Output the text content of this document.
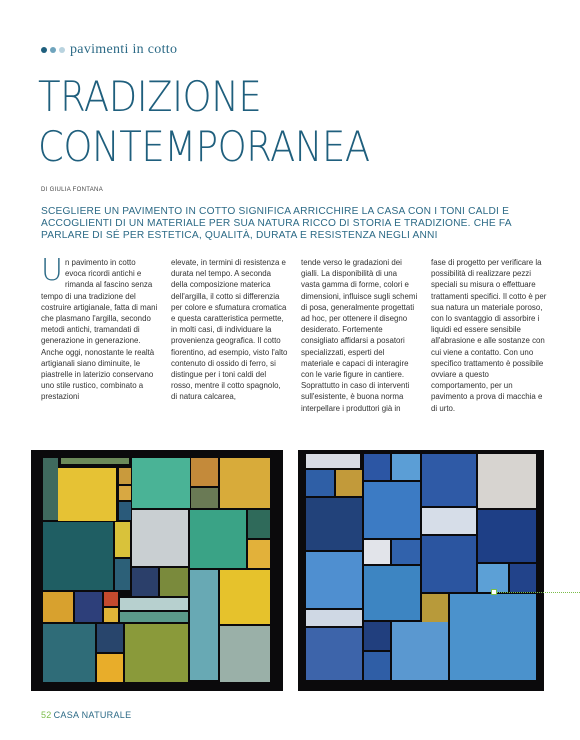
pavimenti in cotto
TRADIZIONE
CONTEMPORANEA
DI GIULIA FONTANA
SCEGLIERE UN PAVIMENTO IN COTTO SIGNIFICA ARRICCHIRE LA CASA CON I TONI CALDI E ACCOGLIENTI DI UN MATERIALE PER SUA NATURA RICCO DI STORIA E TRADIZIONE. CHE FA PARLARE DI SÉ PER ESTETICA, QUALITÀ, DURATA E RESISTENZA NEGLI ANNI
Un pavimento in cotto evoca ricordi antichi e rimanda al fascino senza tempo di una tradizione del costruire artigianale, fatta di mani che plasmano l'argilla, secondo metodi antichi, tramandati di generazione in generazione. Anche oggi, nonostante le realtà artigianali siano diminuite, le piastrelle in laterizio conservano uno stile rustico, combinato a prestazioni
elevate, in termini di resistenza e durata nel tempo. A seconda della composizione materica dell'argilla, il cotto si differenzia per colore e sfumatura cromatica e questa caratteristica permette, in molti casi, di individuare la provenienza geografica. Il cotto fiorentino, ad esempio, visto l'alto contenuto di ossido di ferro, si distingue per i toni caldi del rosso, mentre il cotto spagnolo, di natura calcarea,
tende verso le gradazioni dei gialli. La disponibilità di una vasta gamma di forme, colori e dimensioni, influisce sugli schemi di posa, generalmente progettati ad hoc, per ottenere il disegno desiderato. Fortemente consigliato affidarsi a posatori specializzati, esperti del materiale e capaci di interagire con le varie figure in cantiere. Soprattutto in caso di interventi sull'esistente, è buona norma interpellare i produttori già in
fase di progetto per verificare la possibilità di realizzare pezzi speciali su misura o effettuare trattamenti specifici. Il cotto è per sua natura un materiale poroso, con lo svantaggio di assorbire i liquidi ed essere sensibile all'abrasione e alle sostanze con cui viene a contatto. Con uno specifico trattamento è possibile ovviare a questo comportamento, per un pavimento a prova di macchia e di urto.
52 CASA NATURALE
